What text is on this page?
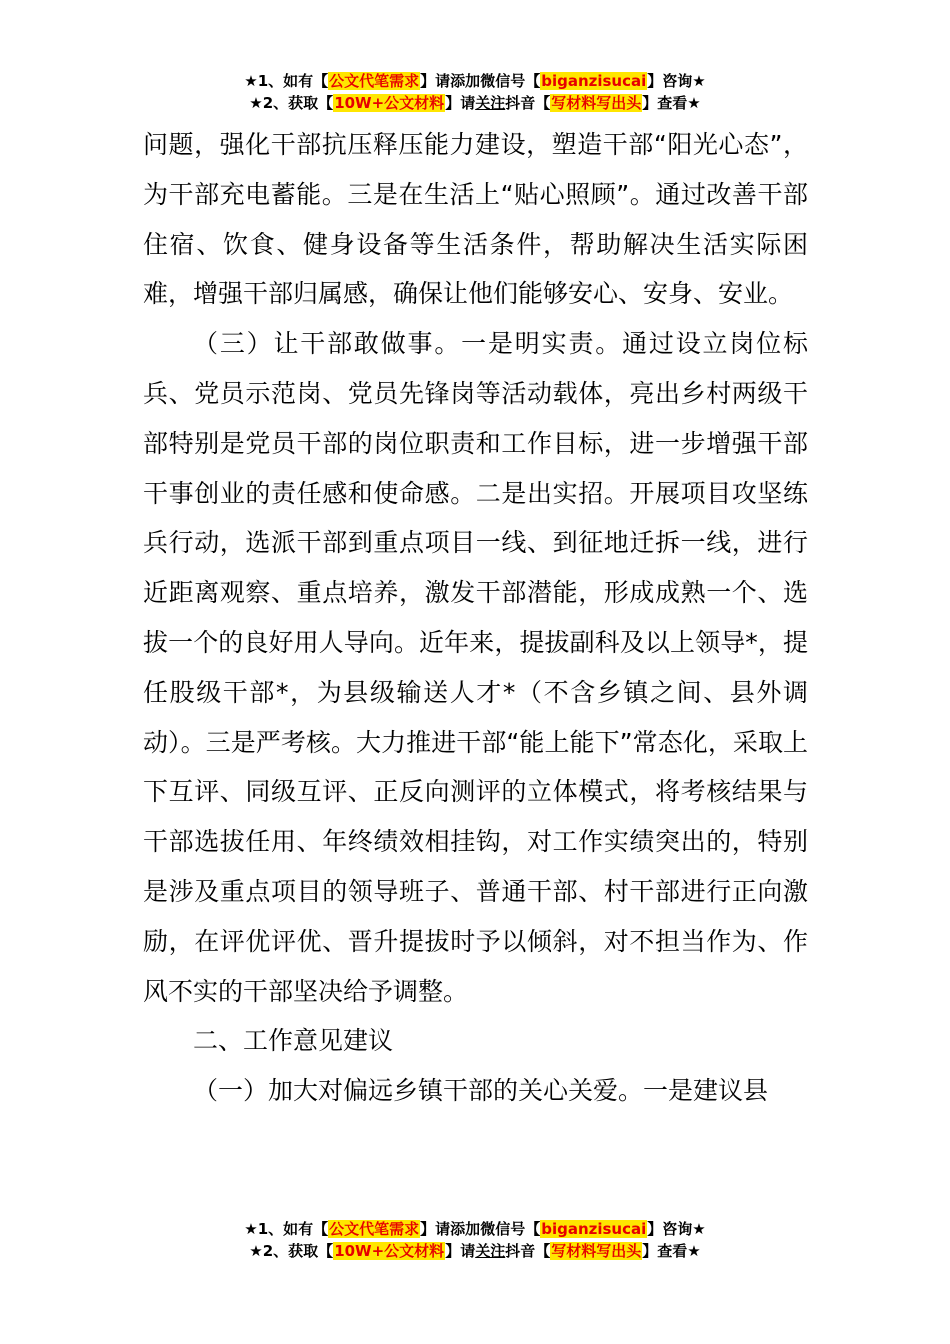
★1、如有【公文代笔需求】请添加微信号【biganzisucai】咨询★
★2、获取【10W+公文材料】请关注抖音【写材料写出头】查看★

问题，强化干部抗压释压能力建设，塑造干部“阳光心态”，为干部充电蓄能。三是在生活上“贴心照顾”。通过改善干部住宿、饮食、健身设备等生活条件，帮助解决生活实际困难，增强干部归属感，确保让他们能够安心、安身、安业。

（三）让干部敢做事。一是明实责。通过设立岗位标兵、党员示范岗、党员先锋岗等活动载体，亮出乡村两级干部特别是党员干部的岗位职责和工作目标，进一步增强干部干事创业的责任感和使命感。二是出实招。开展项目攻坚练兵行动，选派干部到重点项目一线、到征地迁拆一线，进行近距离观察、重点培养，激发干部潜能，形成成熟一个、选拔一个的良好用人导向。近年来，提拔副科及以上领导*，提任股级干部*，为县级输送人才*（不含乡镇之间、县外调动）。三是严考核。大力推进干部“能上能下”常态化，采取上下互评、同级互评、正反向测评的立体模式，将考核结果与干部选拔任用、年终绩效相挂钩，对工作实绩突出的，特别是涉及重点项目的领导班子、普通干部、村干部进行正向激励，在评优评优、晋升提拔时予以倾斜，对不担当作为、作风不实的干部坚决给予调整。

二、工作意见建议

（一）加大对偏远乡镇干部的关心关爱。一是建议县

★1、如有【公文代笔需求】请添加微信号【biganzisucai】咨询★
★2、获取【10W+公文材料】请关注抖音【写材料写出头】查看★
